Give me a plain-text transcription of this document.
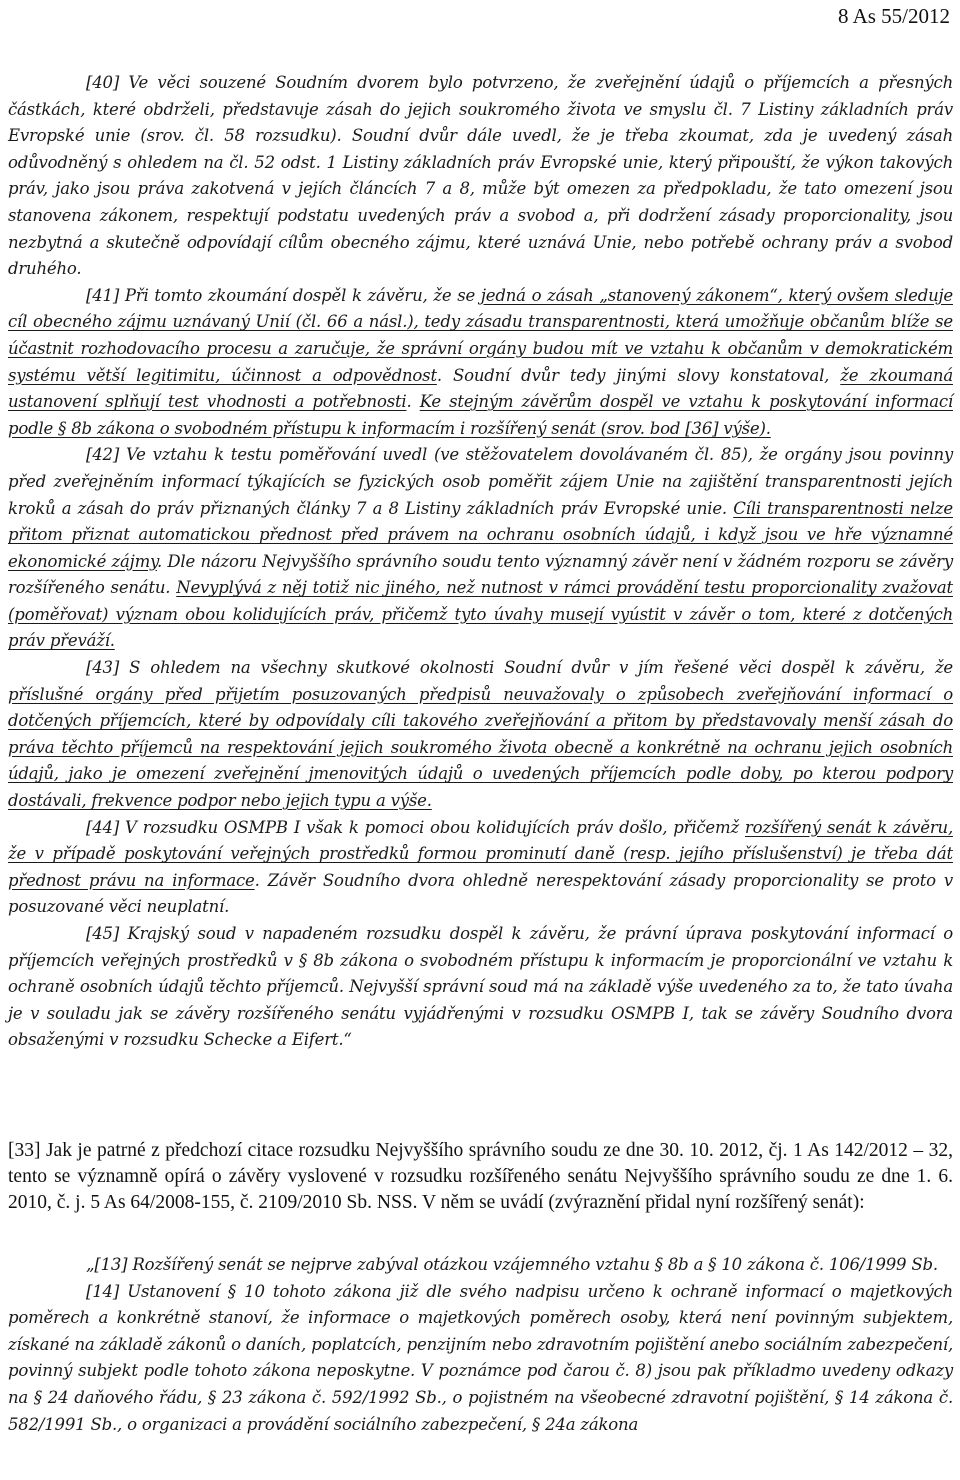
8 As 55/2012

[40] Ve věci souzené Soudním dvorem bylo potvrzeno, že zveřejnění údajů o příjemcích a přesných částkách, které obdrželi, představuje zásah do jejich soukromého života ve smyslu čl. 7 Listiny základních práv Evropské unie (srov. čl. 58 rozsudku). Soudní dvůr dále uvedl, že je třeba zkoumat, zda je uvedený zásah odůvodněný s ohledem na čl. 52 odst. 1 Listiny základních práv Evropské unie, který připouští, že výkon takových práv, jako jsou práva zakotvená v jejích článcích 7 a 8, může být omezen za předpokladu, že tato omezení jsou stanovena zákonem, respektují podstatu uvedených práv a svobod a, při dodržení zásady proporcionality, jsou nezbytná a skutečně odpovídají cílům obecného zájmu, které uznává Unie, nebo potřebě ochrany práv a svobod druhého.

[41] Při tomto zkoumání dospěl k závěru, že se jedná o zásah „stanovený zákonem“, který ovšem sleduje cíl obecného zájmu uznávaný Unií (čl. 66 a násl.), tedy zásadu transparentnosti, která umožňuje občanům blíže se účastnit rozhodovacího procesu a zaručuje, že správní orgány budou mít ve vztahu k občanům v demokratickém systému větší legitimitu, účinnost a odpovědnost. Soudní dvůr tedy jinými slovy konstatoval, že zkoumaná ustanovení splňují test vhodnosti a potřebnosti. Ke stejným závěrům dospěl ve vztahu k poskytování informací podle § 8b zákona o svobodném přístupu k informacím i rozšířený senát (srov. bod [36] výše).

[42] Ve vztahu k testu poměřování uvedl (ve stěžovatelem dovolávaném čl. 85), že orgány jsou povinny před zveřejněním informací týkajících se fyzických osob poměřit zájem Unie na zajištění transparentnosti jejích kroků a zásah do práv přiznaných články 7 a 8 Listiny základních práv Evropské unie. Cíli transparentnosti nelze přitom přiznat automatickou přednost před právem na ochranu osobních údajů, i když jsou ve hře významné ekonomické zájmy. Dle názoru Nejvyššího správního soudu tento významný závěr není v žádném rozporu se závěry rozšířeného senátu. Nevyplývá z něj totiž nic jiného, než nutnost v rámci provádění testu proporcionality zvažovat (poměřovat) význam obou kolidujících práv, přičemž tyto úvahy musejí vyústit v závěr o tom, které z dotčených práv převáží.

[43] S ohledem na všechny skutkové okolnosti Soudní dvůr v jím řešené věci dospěl k závěru, že příslušné orgány před přijetím posuzovaných předpisů neuvažovaly o způsobech zveřejňování informací o dotčených příjemcích, které by odpovídaly cíli takového zveřejňování a přitom by představovaly menší zásah do práva těchto příjemců na respektování jejich soukromého života obecně a konkrétně na ochranu jejich osobních údajů, jako je omezení zveřejnění jmenovitých údajů o uvedených příjemcích podle doby, po kterou podpory dostávali, frekvence podpor nebo jejich typu a výše.

[44] V rozsudku OSMPB I však k pomoci obou kolidujících práv došlo, přičemž rozšířený senát k závěru, že v případě poskytování veřejných prostředků formou prominutí daně (resp. jejího příslušenství) je třeba dát přednost právu na informace. Závěr Soudního dvora ohledně nerespektování zásady proporcionality se proto v posuzované věci neuplatní.

[45] Krajský soud v napadeném rozsudku dospěl k závěru, že právní úprava poskytování informací o příjemcích veřejných prostředků v § 8b zákona o svobodném přístupu k informacím je proporcionální ve vztahu k ochraně osobních údajů těchto příjemců. Nejvyšší správní soud má na základě výše uvedeného za to, že tato úvaha je v souladu jak se závěry rozšířeného senátu vyjádřenými v rozsudku OSMPB I, tak se závěry Soudního dvora obsaženými v rozsudku Schecke a Eifert.“

[33] Jak je patrné z předchozí citace rozsudku Nejvyššího správního soudu ze dne 30. 10. 2012, čj. 1 As 142/2012 – 32, tento se významně opírá o závěry vyslovené v rozsudku rozšířeného senátu Nejvyššího správního soudu ze dne 1. 6. 2010, č. j. 5 As 64/2008-155, č. 2109/2010 Sb. NSS. V něm se uvádí (zvýraznění přidal nyní rozšířený senát):

„[13] Rozšířený senát se nejprve zabýval otázkou vzájemného vztahu § 8b a § 10 zákona č. 106/1999 Sb.

[14] Ustanovení § 10 tohoto zákona již dle svého nadpisu určeno k ochraně informací o majetkových poměrech a konkrétně stanoví, že informace o majetkových poměrech osoby, která není povinným subjektem, získané na základě zákonů o daních, poplatcích, penzijním nebo zdravotním pojištění anebo sociálním zabezpečení, povinný subjekt podle tohoto zákona neposkytne. V poznámce pod čarou č. 8) jsou pak příkladmo uvedeny odkazy na § 24 daňového řádu, § 23 zákona č. 592/1992 Sb., o pojistném na všeobecné zdravotní pojištění, § 14 zákona č. 582/1991 Sb., o organizaci a provádění sociálního zabezpečení, § 24a zákona
